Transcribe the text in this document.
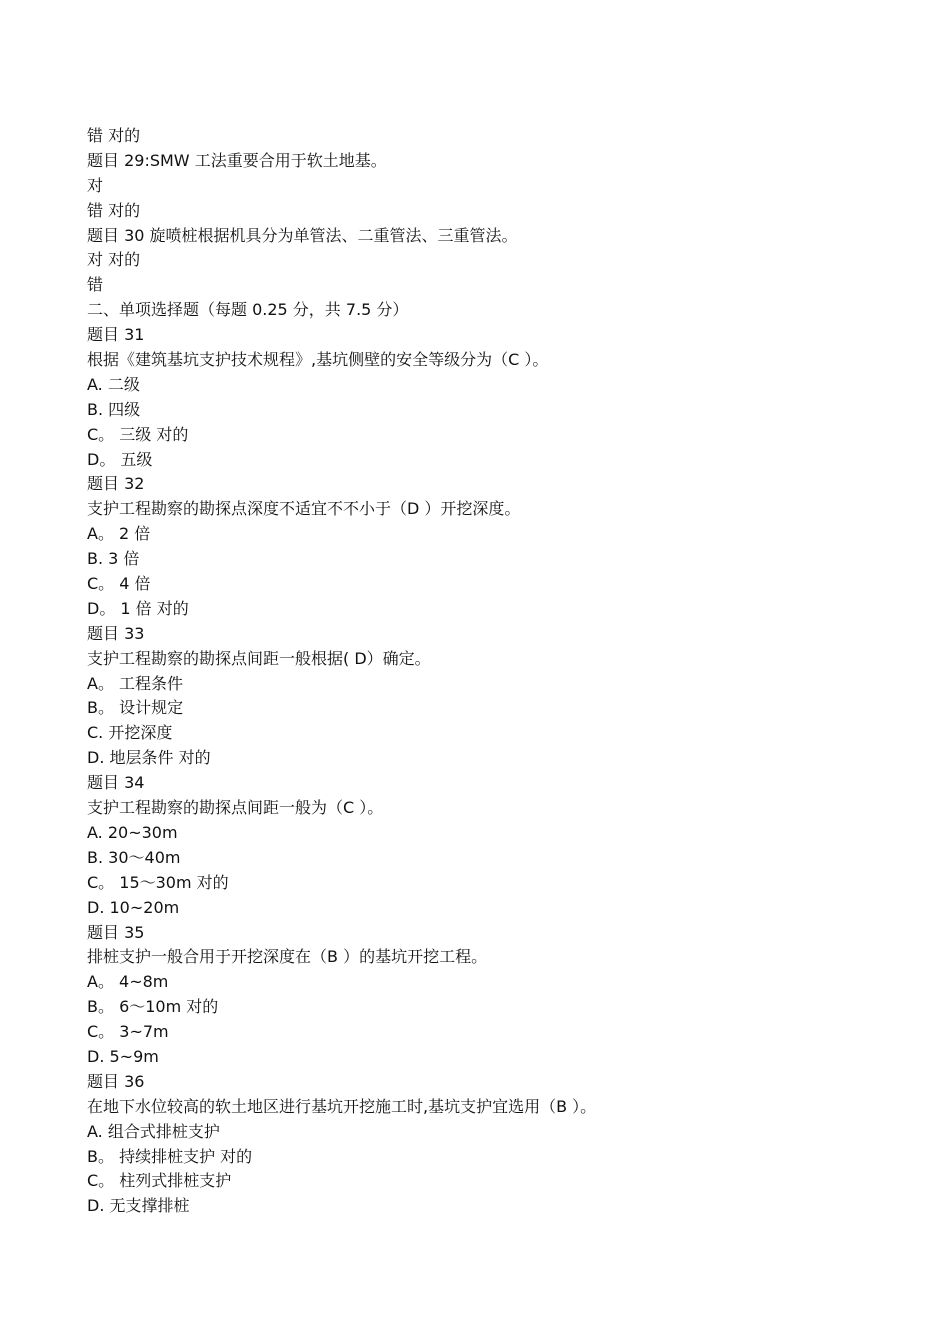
错 对的
题目 29:SMW 工法重要合用于软土地基。
对
错 对的
题目 30 旋喷桩根据机具分为单管法、二重管法、三重管法。
对 对的
错
二、单项选择题（每题 0.25 分，共 7.5 分）
题目 31
根据《建筑基坑支护技术规程》,基坑侧壁的安全等级分为（C ）。
A. 二级
B. 四级
C。 三级 对的
D。 五级
题目 32
支护工程勘察的勘探点深度不适宜不不小于（D ）开挖深度。
A。 2 倍
B. 3 倍
C。 4 倍
D。 1 倍 对的
题目 33
支护工程勘察的勘探点间距一般根据( D）确定。
A。 工程条件
B。 设计规定
C. 开挖深度
D. 地层条件 对的
题目 34
支护工程勘察的勘探点间距一般为（C ）。
A. 20~30m
B. 30～40m
C。 15～30m 对的
D. 10~20m
题目 35
排桩支护一般合用于开挖深度在（B ）的基坑开挖工程。
A。 4~8m
B。 6～10m 对的
C。 3~7m
D. 5~9m
题目 36
在地下水位较高的软土地区进行基坑开挖施工时,基坑支护宜选用（B ）。
A. 组合式排桩支护
B。 持续排桩支护 对的
C。 柱列式排桩支护
D. 无支撑排桩
